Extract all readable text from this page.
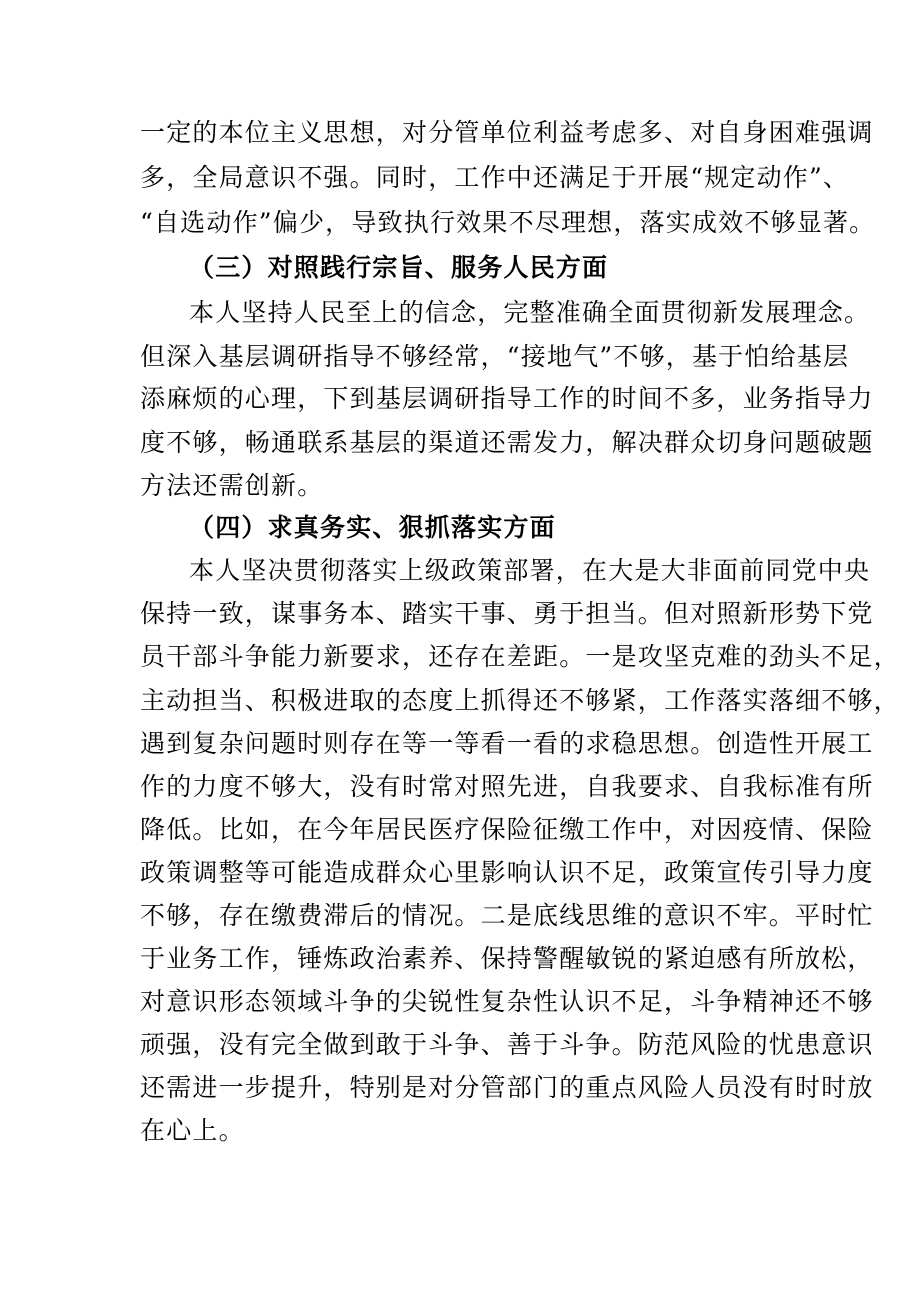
一定的本位主义思想，对分管单位利益考虑多、对自身困难强调
多，全局意识不强。同时，工作中还满足于开展“规定动作”、
“自选动作”偏少，导致执行效果不尽理想，落实成效不够显著。
（三）对照践行宗旨、服务人民方面
本人坚持人民至上的信念，完整准确全面贯彻新发展理念。
但深入基层调研指导不够经常，“接地气”不够，基于怕给基层
添麻烦的心理，下到基层调研指导工作的时间不多，业务指导力
度不够，畅通联系基层的渠道还需发力，解决群众切身问题破题
方法还需创新。
（四）求真务实、狠抓落实方面
本人坚决贯彻落实上级政策部署，在大是大非面前同党中央
保持一致，谋事务本、踏实干事、勇于担当。但对照新形势下党
员干部斗争能力新要求，还存在差距。一是攻坚克难的劲头不足，
主动担当、积极进取的态度上抓得还不够紧，工作落实落细不够，
遇到复杂问题时则存在等一等看一看的求稳思想。创造性开展工
作的力度不够大，没有时常对照先进，自我要求、自我标准有所
降低。比如，在今年居民医疗保险征缴工作中，对因疫情、保险
政策调整等可能造成群众心里影响认识不足，政策宣传引导力度
不够，存在缴费滞后的情况。二是底线思维的意识不牢。平时忙
于业务工作，锤炼政治素养、保持警醒敏锐的紧迫感有所放松，
对意识形态领域斗争的尖锐性复杂性认识不足，斗争精神还不够
顽强，没有完全做到敢于斗争、善于斗争。防范风险的忧患意识
还需进一步提升，特别是对分管部门的重点风险人员没有时时放
在心上。
